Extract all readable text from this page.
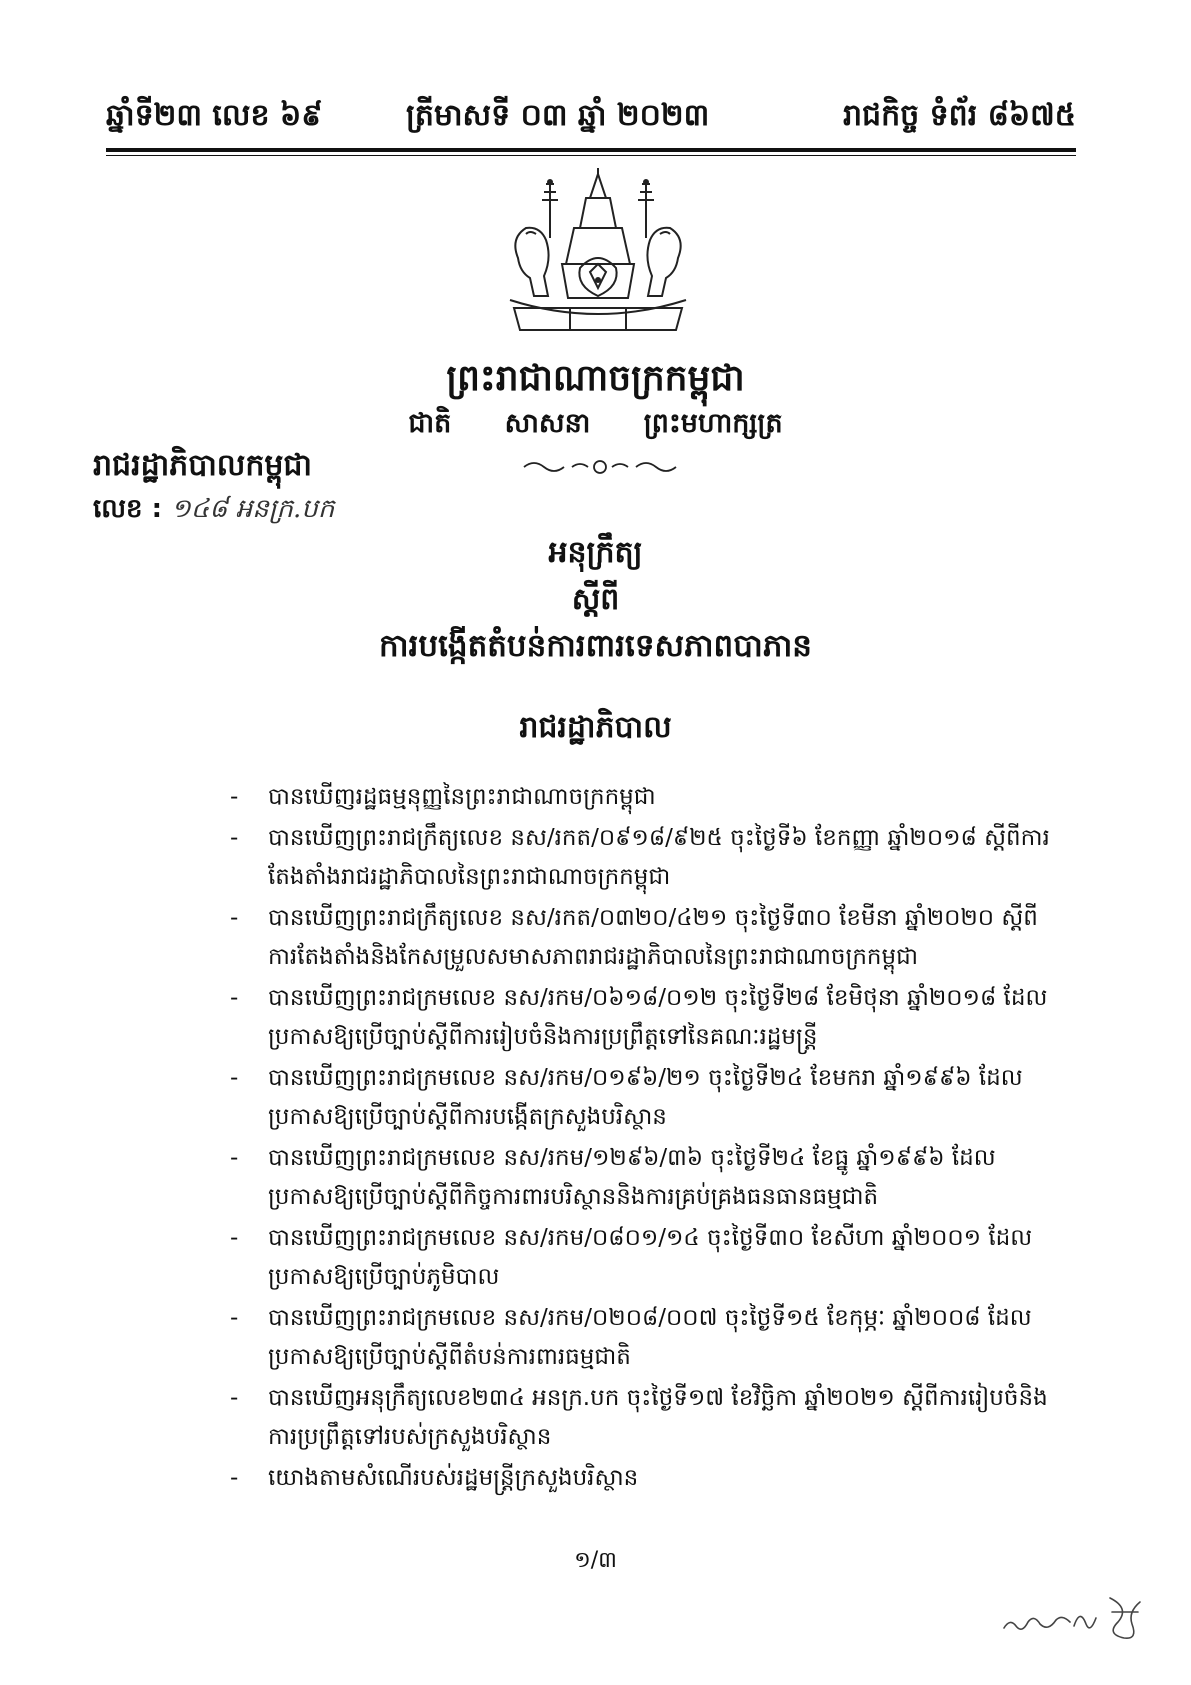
ឆ្នាំទី២៣ លេខ ៦៩	ត្រីមាសទី ០៣ ឆ្នាំ ២០២៣	រាជកិច្ច ទំព័រ ៨៦៧៥
ព្រះរាជាណាចក្រកម្ពុជា
ជាតិ សាសនា ព្រះមហាក្សត្រ
រាជរដ្ឋាភិបាលកម្ពុជា
លេខ : ១៤៨ អនក្រ.បក
អនុក្រឹត្យ
ស្តីពី
ការបង្កើតតំបន់ការពារទេសភាពបាភាន
រាជរដ្ឋាភិបាល
- បានឃើញរដ្ឋធម្មនុញ្ញនៃព្រះរាជាណាចក្រកម្ពុជា
- បានឃើញព្រះរាជក្រឹត្យលេខ នស/រកត/០៩១៨/៩២៥ ចុះថ្ងៃទី៦ ខែកញ្ញា ឆ្នាំ២០១៨ ស្តីពីការតែងតាំងរាជរដ្ឋាភិបាលនៃព្រះរាជាណាចក្រកម្ពុជា
- បានឃើញព្រះរាជក្រឹត្យលេខ នស/រកត/០៣២០/៤២១ ចុះថ្ងៃទី៣០ ខែមីនា ឆ្នាំ២០២០ ស្តីពីការតែងតាំងនិងកែសម្រួលសមាសភាពរាជរដ្ឋាភិបាលនៃព្រះរាជាណាចក្រកម្ពុជា
- បានឃើញព្រះរាជក្រមលេខ នស/រកម/០៦១៨/០១២ ចុះថ្ងៃទី២៨ ខែមិថុនា ឆ្នាំ២០១៨ ដែលប្រកាសឱ្យប្រើច្បាប់ស្តីពីការរៀបចំនិងការប្រព្រឹត្តទៅនៃគណៈរដ្ឋមន្ត្រី
- បានឃើញព្រះរាជក្រមលេខ នស/រកម/០១៩៦/២១ ចុះថ្ងៃទី២៤ ខែមករា ឆ្នាំ១៩៩៦ ដែលប្រកាសឱ្យប្រើច្បាប់ស្តីពីការបង្កើតក្រសួងបរិស្ថាន
- បានឃើញព្រះរាជក្រមលេខ នស/រកម/១២៩៦/៣៦ ចុះថ្ងៃទី២៤ ខែធ្នូ ឆ្នាំ១៩៩៦ ដែលប្រកាសឱ្យប្រើច្បាប់ស្តីពីកិច្ចការពារបរិស្ថាននិងការគ្រប់គ្រងធនធានធម្មជាតិ
- បានឃើញព្រះរាជក្រមលេខ នស/រកម/០៨០១/១៤ ចុះថ្ងៃទី៣០ ខែសីហា ឆ្នាំ២០០១ ដែលប្រកាសឱ្យប្រើច្បាប់ភូមិបាល
- បានឃើញព្រះរាជក្រមលេខ នស/រកម/០២០៨/០០៧ ចុះថ្ងៃទី១៥ ខែកុម្ភៈ ឆ្នាំ២០០៨ ដែលប្រកាសឱ្យប្រើច្បាប់ស្តីពីតំបន់ការពារធម្មជាតិ
- បានឃើញអនុក្រឹត្យលេខ២៣៤ អនក្រ.បក ចុះថ្ងៃទី១៧ ខែវិច្ឆិកា ឆ្នាំ២០២១ ស្តីពីការរៀបចំនិងការប្រព្រឹត្តទៅរបស់ក្រសួងបរិស្ថាន
- យោងតាមសំណើរបស់រដ្ឋមន្ត្រីក្រសួងបរិស្ថាន
១/៣
